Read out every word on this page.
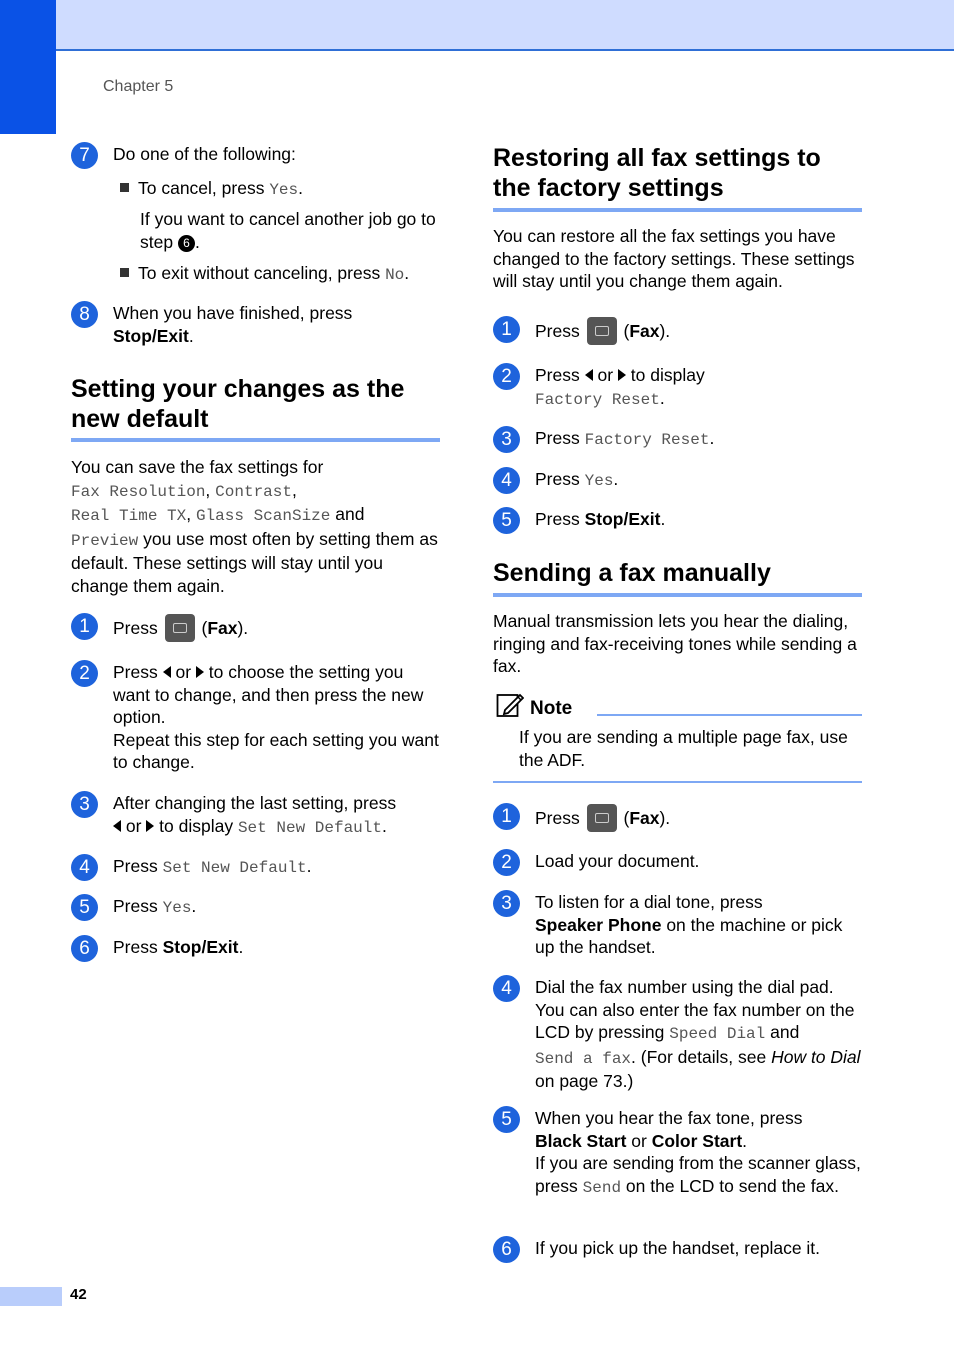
Chapter 5
7	Do one of the following:
To cancel, press Yes.
If you want to cancel another job go to step 6 .
To exit without canceling, press No.
8	When you have finished, press Stop/Exit.
Setting your changes as the
new default
You can save the fax settings for
Fax Resolution, Contrast,
Real Time TX, Glass ScanSize and
Preview you use most often by setting them as default. These settings will stay until you change them again.
1	Press  (Fax).
2	Press  or  to choose the setting you want to change, and then press the new option.
Repeat this step for each setting you want to change.
3	After changing the last setting, press
or  to display Set New Default.
4	Press Set New Default.
5	Press Yes.
6	Press Stop/Exit.
Restoring all fax settings to
the factory settings
You can restore all the fax settings you have changed to the factory settings. These settings will stay until you change them again.
1	Press  (Fax).
2	Press  or  to display
Factory Reset.
3	Press Factory Reset.
4	Press Yes.
5	Press Stop/Exit.
Sending a fax manually
Manual transmission lets you hear the dialing, ringing and fax-receiving tones while sending a fax.
Note
If you are sending a multiple page fax, use the ADF.
1	Press  (Fax).
2	Load your document.
3	To listen for a dial tone, press
Speaker Phone on the machine or pick up the handset.
4	Dial the fax number using the dial pad. You can also enter the fax number on the LCD by pressing Speed Dial and
Send a fax. (For details, see How to Dial on page 73.)
5	When you hear the fax tone, press
Black Start or Color Start.
If you are sending from the scanner glass, press Send on the LCD to send the fax.
6	If you pick up the handset, replace it.
42
